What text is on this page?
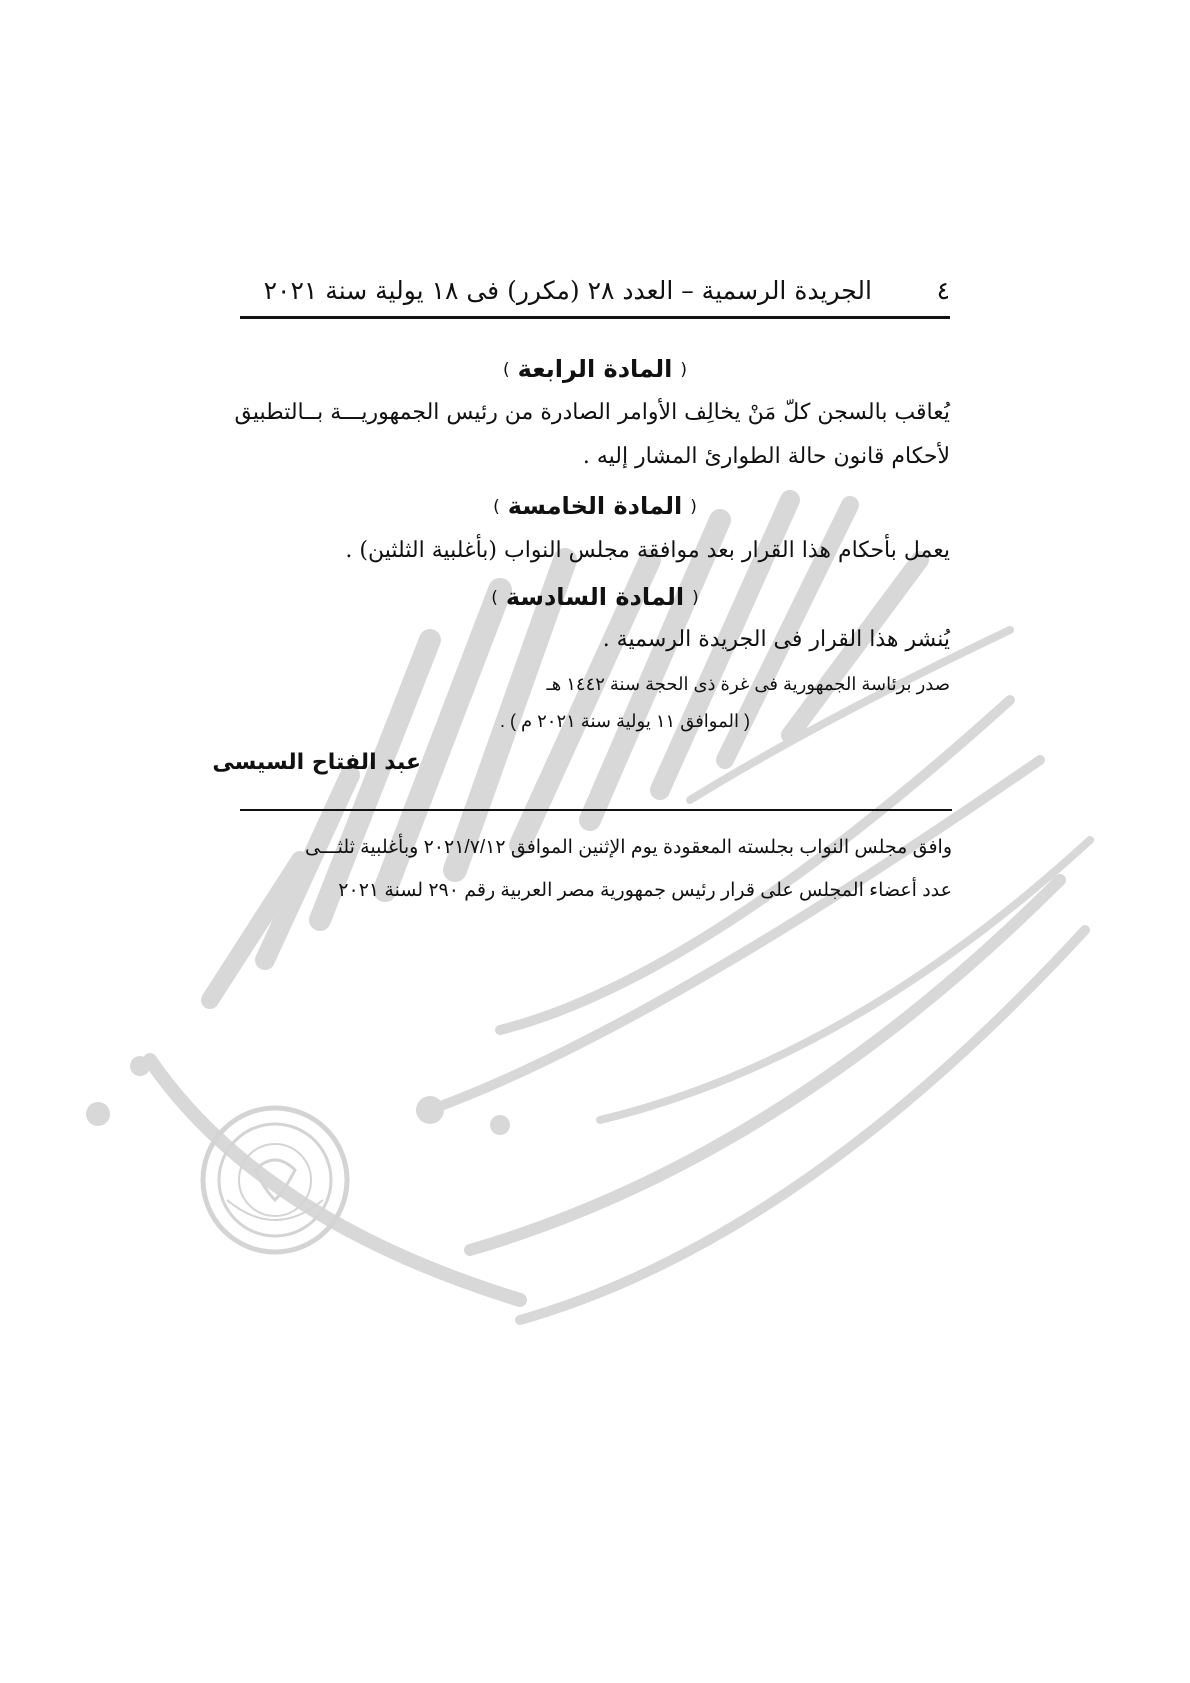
٤
الجريدة الرسمية – العدد ٢٨ (مكرر) فى ١٨ يولية سنة ٢٠٢١
(المادة الرابعة)
يُعاقب بالسجن كلّ مَنْ يخالِف الأوامر الصادرة من رئيس الجمهوريـــة بــالتطبيق
لأحكام قانون حالة الطوارئ المشار إليه .
(المادة الخامسة)
يعمل بأحكام هذا القرار بعد موافقة مجلس النواب (بأغلبية الثلثين) .
(المادة السادسة)
يُنشر هذا القرار فى الجريدة الرسمية .
صدر برئاسة الجمهورية فى غرة ذى الحجة سنة ١٤٤٢ هـ
( الموافق ١١ يولية سنة ٢٠٢١ م ) .
عبد الفتاح السيسى
وافق مجلس النواب بجلسته المعقودة يوم الإثنين الموافق ٢٠٢١/٧/١٢ وبأغلبية ثلثـــى
عدد أعضاء المجلس على قرار رئيس جمهورية مصر العربية رقم ٢٩٠ لسنة ٢٠٢١
